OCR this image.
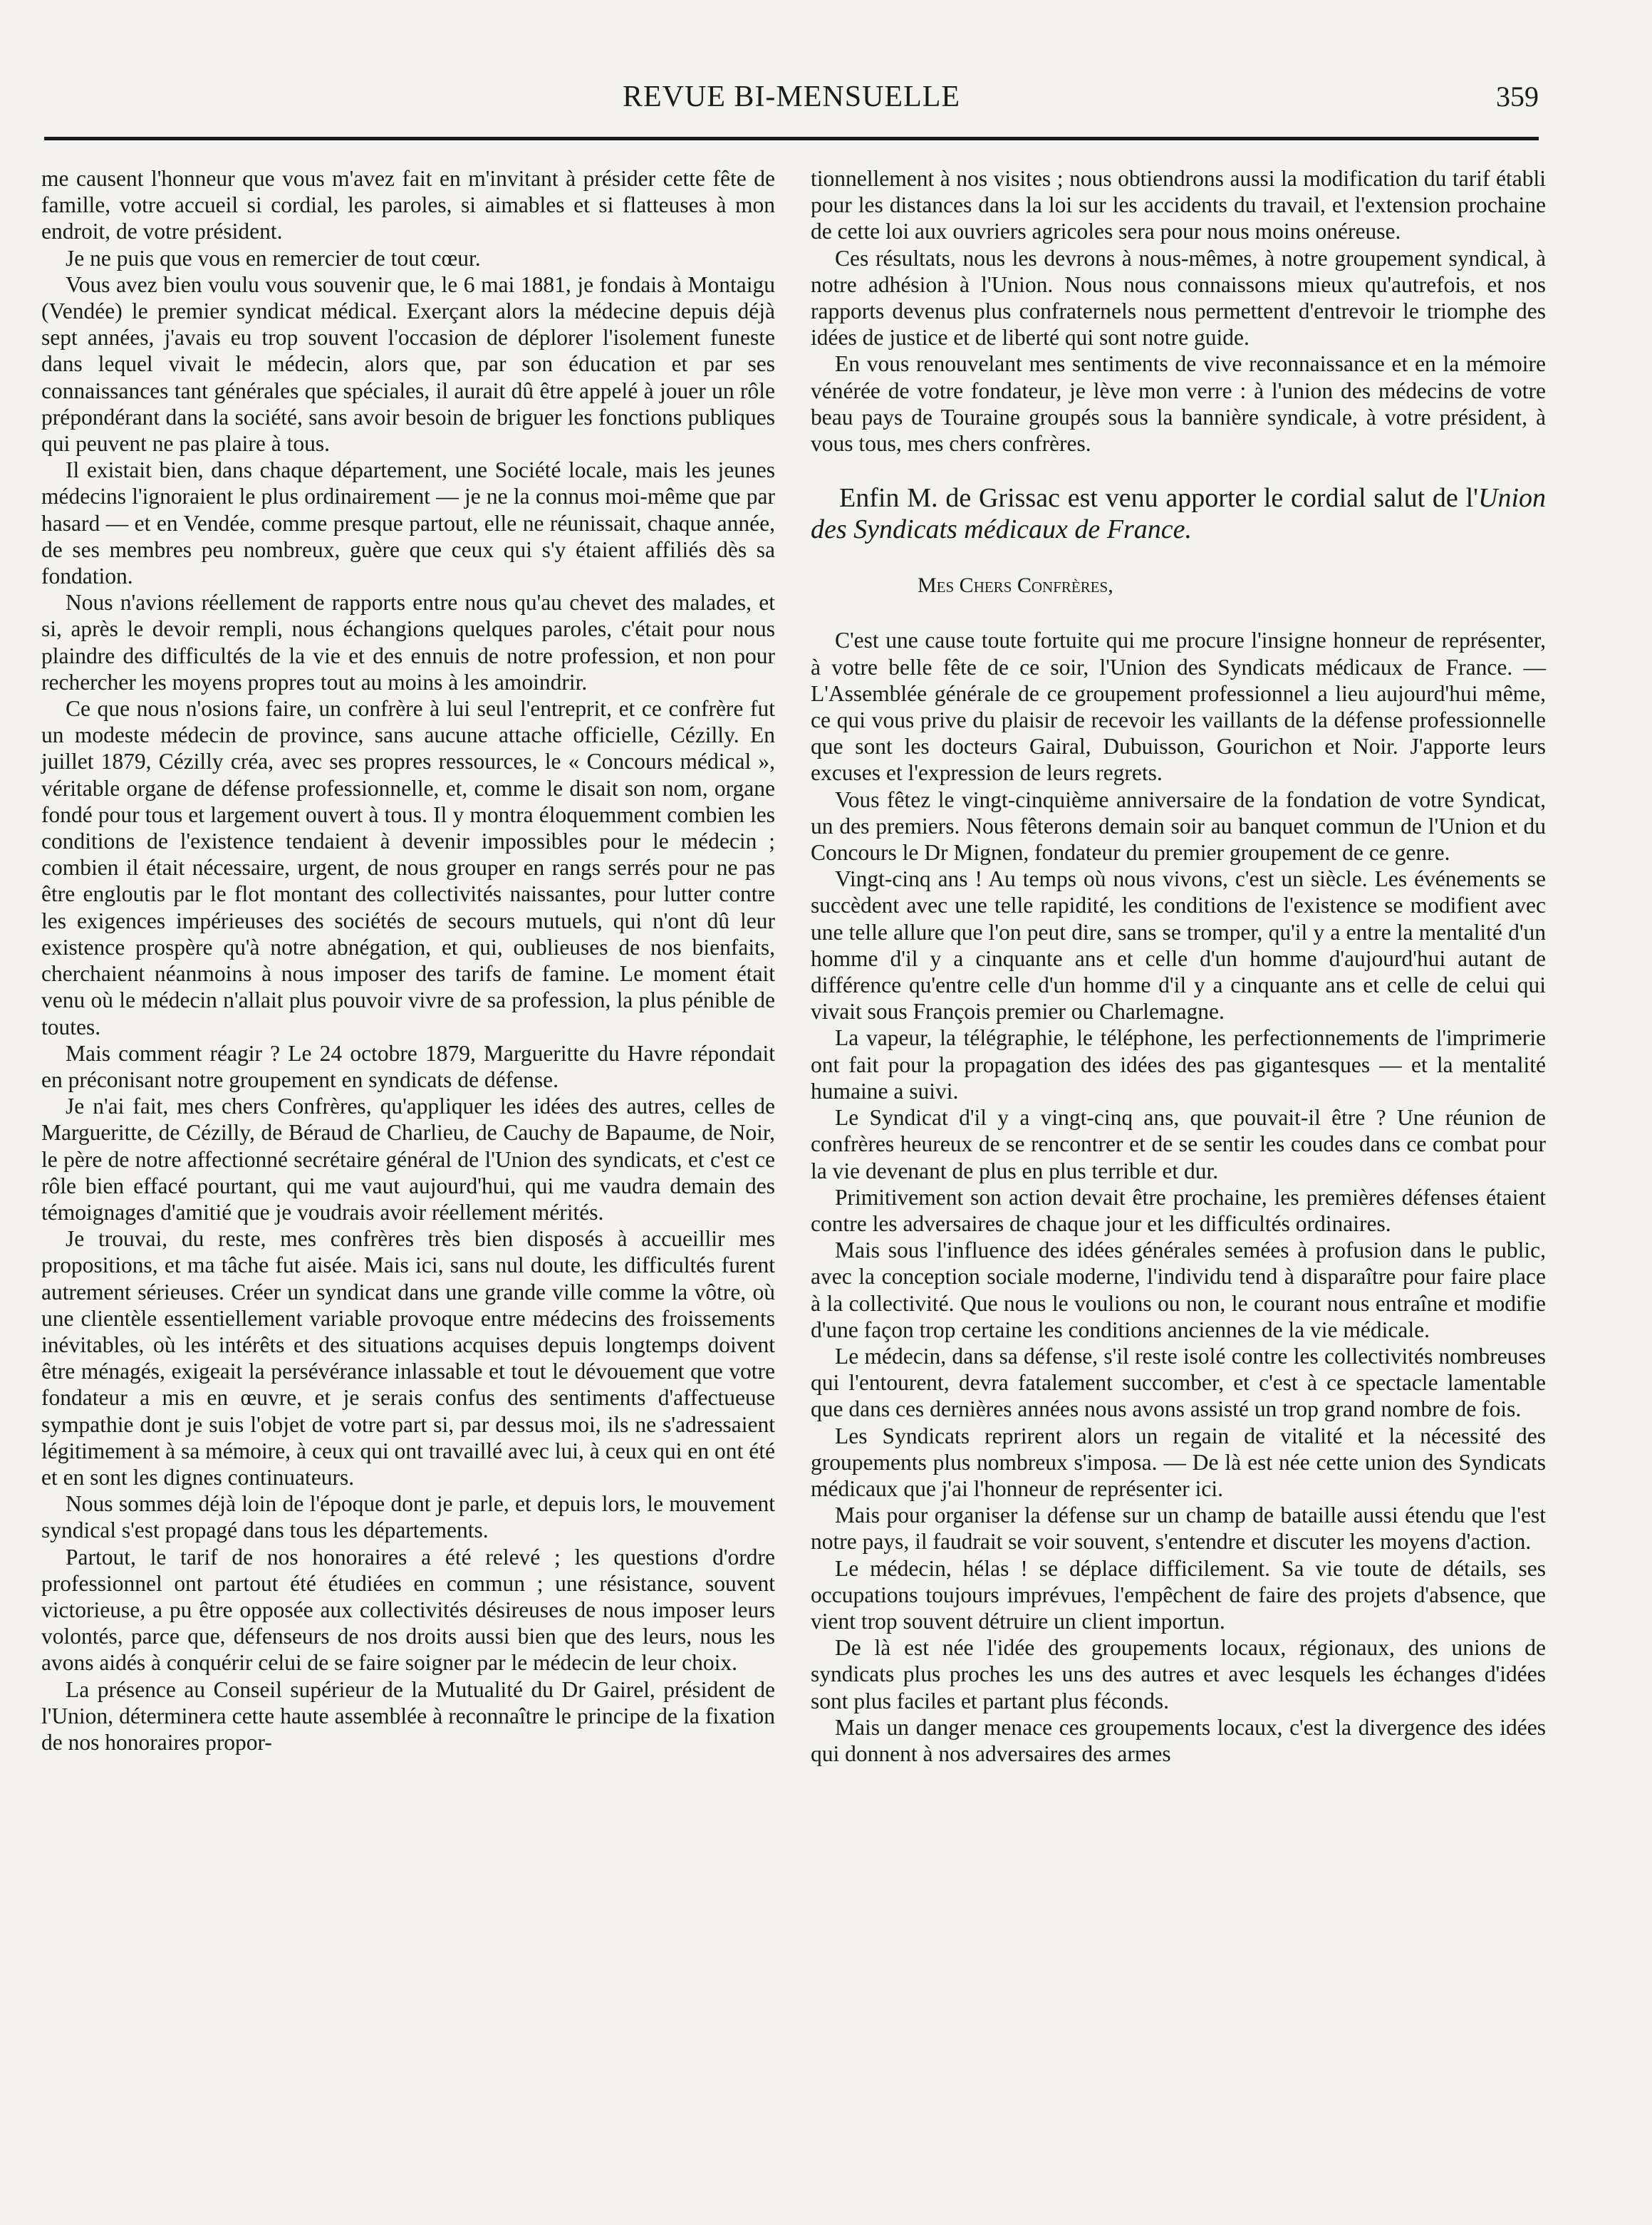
REVUE BI-MENSUELLE	359

me causent l'honneur que vous m'avez fait en m'invitant à présider cette fête de famille, votre accueil si cordial, les paroles, si aimables et si flatteuses à mon endroit, de votre président.

Je ne puis que vous en remercier de tout cœur.

Vous avez bien voulu vous souvenir que, le 6 mai 1881, je fondais à Montaigu (Vendée) le premier syndicat médical. Exerçant alors la médecine depuis déjà sept années, j'avais eu trop souvent l'occasion de déplorer l'isolement funeste dans lequel vivait le médecin, alors que, par son éducation et par ses connaissances tant générales que spéciales, il aurait dû être appelé à jouer un rôle prépondérant dans la société, sans avoir besoin de briguer les fonctions publiques qui peuvent ne pas plaire à tous.

Il existait bien, dans chaque département, une Société locale, mais les jeunes médecins l'ignoraient le plus ordinairement — je ne la connus moi-même que par hasard — et en Vendée, comme presque partout, elle ne réunissait, chaque année, de ses membres peu nombreux, guère que ceux qui s'y étaient affiliés dès sa fondation.

Nous n'avions réellement de rapports entre nous qu'au chevet des malades, et si, après le devoir rempli, nous échangions quelques paroles, c'était pour nous plaindre des difficultés de la vie et des ennuis de notre profession, et non pour rechercher les moyens propres tout au moins à les amoindrir.

Ce que nous n'osions faire, un confrère à lui seul l'entreprit, et ce confrère fut un modeste médecin de province, sans aucune attache officielle, Cézilly. En juillet 1879, Cézilly créa, avec ses propres ressources, le « Concours médical », véritable organe de défense professionnelle, et, comme le disait son nom, organe fondé pour tous et largement ouvert à tous. Il y montra éloquemment combien les conditions de l'existence tendaient à devenir impossibles pour le médecin ; combien il était nécessaire, urgent, de nous grouper en rangs serrés pour ne pas être engloutis par le flot montant des collectivités naissantes, pour lutter contre les exigences impérieuses des sociétés de secours mutuels, qui n'ont dû leur existence prospère qu'à notre abnégation, et qui, oublieuses de nos bienfaits, cherchaient néanmoins à nous imposer des tarifs de famine. Le moment était venu où le médecin n'allait plus pouvoir vivre de sa profession, la plus pénible de toutes.

Mais comment réagir ? Le 24 octobre 1879, Margueritte du Havre répondait en préconisant notre groupement en syndicats de défense.

Je n'ai fait, mes chers Confrères, qu'appliquer les idées des autres, celles de Margueritte, de Cézilly, de Béraud de Charlieu, de Cauchy de Bapaume, de Noir, le père de notre affectionné secrétaire général de l'Union des syndicats, et c'est ce rôle bien effacé pourtant, qui me vaut aujourd'hui, qui me vaudra demain des témoignages d'amitié que je voudrais avoir réellement mérités.

Je trouvai, du reste, mes confrères très bien disposés à accueillir mes propositions, et ma tâche fut aisée. Mais ici, sans nul doute, les difficultés furent autrement sérieuses. Créer un syndicat dans une grande ville comme la vôtre, où une clientèle essentiellement variable provoque entre médecins des froissements inévitables, où les intérêts et des situations acquises depuis longtemps doivent être ménagés, exigeait la persévérance inlassable et tout le dévouement que votre fondateur a mis en œuvre, et je serais confus des sentiments d'affectueuse sympathie dont je suis l'objet de votre part si, par dessus moi, ils ne s'adressaient légitimement à sa mémoire, à ceux qui ont travaillé avec lui, à ceux qui en ont été et en sont les dignes continuateurs.

Nous sommes déjà loin de l'époque dont je parle, et depuis lors, le mouvement syndical s'est propagé dans tous les départements.

Partout, le tarif de nos honoraires a été relevé ; les questions d'ordre professionnel ont partout été étudiées en commun ; une résistance, souvent victorieuse, a pu être opposée aux collectivités désireuses de nous imposer leurs volontés, parce que, défenseurs de nos droits aussi bien que des leurs, nous les avons aidés à conquérir celui de se faire soigner par le médecin de leur choix.

La présence au Conseil supérieur de la Mutualité du Dr Gairel, président de l'Union, déterminera cette haute assemblée à reconnaître le principe de la fixation de nos honoraires propor-

tionnellement à nos visites ; nous obtiendrons aussi la modification du tarif établi pour les distances dans la loi sur les accidents du travail, et l'extension prochaine de cette loi aux ouvriers agricoles sera pour nous moins onéreuse.

Ces résultats, nous les devrons à nous-mêmes, à notre groupement syndical, à notre adhésion à l'Union. Nous nous connaissons mieux qu'autrefois, et nos rapports devenus plus confraternels nous permettent d'entrevoir le triomphe des idées de justice et de liberté qui sont notre guide.

En vous renouvelant mes sentiments de vive reconnaissance et en la mémoire vénérée de votre fondateur, je lève mon verre : à l'union des médecins de votre beau pays de Touraine groupés sous la bannière syndicale, à votre président, à vous tous, mes chers confrères.

Enfin M. de Grissac est venu apporter le cordial salut de l'Union des Syndicats médicaux de France.

Mes Chers Confrères,

C'est une cause toute fortuite qui me procure l'insigne honneur de représenter, à votre belle fête de ce soir, l'Union des Syndicats médicaux de France. — L'Assemblée générale de ce groupement professionnel a lieu aujourd'hui même, ce qui vous prive du plaisir de recevoir les vaillants de la défense professionnelle que sont les docteurs Gairal, Dubuisson, Gourichon et Noir. J'apporte leurs excuses et l'expression de leurs regrets.

Vous fêtez le vingt-cinquième anniversaire de la fondation de votre Syndicat, un des premiers. Nous fêterons demain soir au banquet commun de l'Union et du Concours le Dr Mignen, fondateur du premier groupement de ce genre.

Vingt-cinq ans ! Au temps où nous vivons, c'est un siècle. Les événements se succèdent avec une telle rapidité, les conditions de l'existence se modifient avec une telle allure que l'on peut dire, sans se tromper, qu'il y a entre la mentalité d'un homme d'il y a cinquante ans et celle d'un homme d'aujourd'hui autant de différence qu'entre celle d'un homme d'il y a cinquante ans et celle de celui qui vivait sous François premier ou Charlemagne.

La vapeur, la télégraphie, le téléphone, les perfectionnements de l'imprimerie ont fait pour la propagation des idées des pas gigantesques — et la mentalité humaine a suivi.

Le Syndicat d'il y a vingt-cinq ans, que pouvait-il être ? Une réunion de confrères heureux de se rencontrer et de se sentir les coudes dans ce combat pour la vie devenant de plus en plus terrible et dur.

Primitivement son action devait être prochaine, les premières défenses étaient contre les adversaires de chaque jour et les difficultés ordinaires.

Mais sous l'influence des idées générales semées à profusion dans le public, avec la conception sociale moderne, l'individu tend à disparaître pour faire place à la collectivité. Que nous le voulions ou non, le courant nous entraîne et modifie d'une façon trop certaine les conditions anciennes de la vie médicale.

Le médecin, dans sa défense, s'il reste isolé contre les collectivités nombreuses qui l'entourent, devra fatalement succomber, et c'est à ce spectacle lamentable que dans ces dernières années nous avons assisté un trop grand nombre de fois.

Les Syndicats reprirent alors un regain de vitalité et la nécessité des groupements plus nombreux s'imposa. — De là est née cette union des Syndicats médicaux que j'ai l'honneur de représenter ici.

Mais pour organiser la défense sur un champ de bataille aussi étendu que l'est notre pays, il faudrait se voir souvent, s'entendre et discuter les moyens d'action.

Le médecin, hélas ! se déplace difficilement. Sa vie toute de détails, ses occupations toujours imprévues, l'empêchent de faire des projets d'absence, que vient trop souvent détruire un client importun.

De là est née l'idée des groupements locaux, régionaux, des unions de syndicats plus proches les uns des autres et avec lesquels les échanges d'idées sont plus faciles et partant plus féconds.

Mais un danger menace ces groupements locaux, c'est la divergence des idées qui donnent à nos adversaires des armes
